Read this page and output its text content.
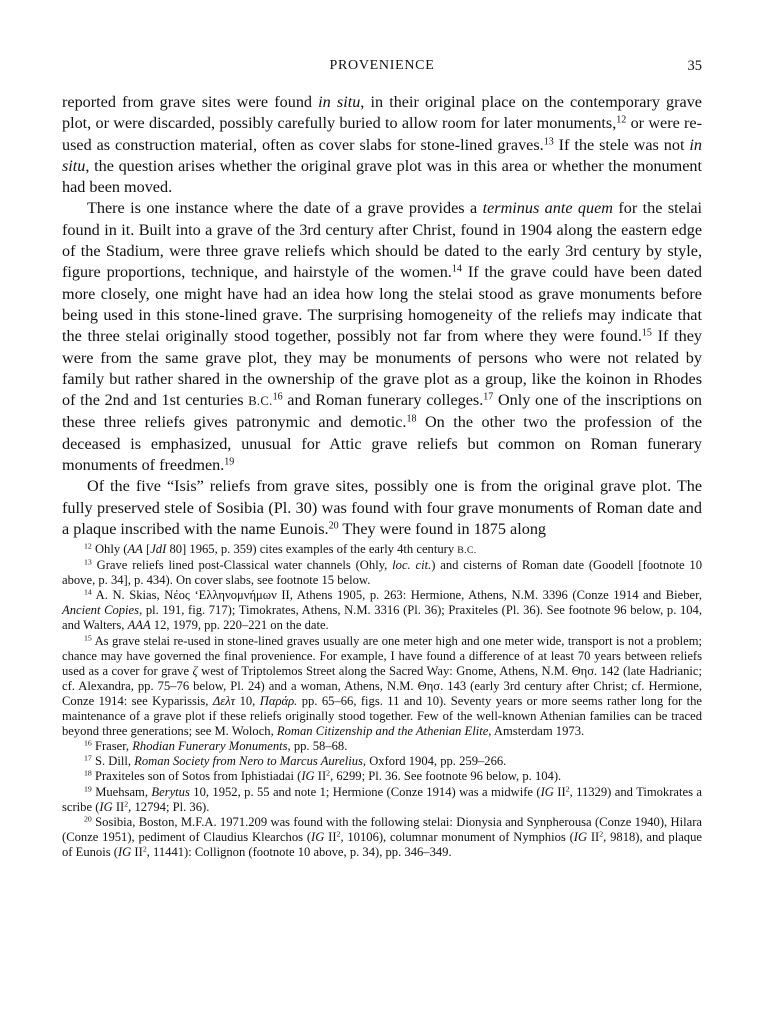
PROVENIENCE	35

reported from grave sites were found in situ, in their original place on the contemporary grave plot, or were discarded, possibly carefully buried to allow room for later monuments,$^{12}$ or were re-used as construction material, often as cover slabs for stone-lined graves.$^{13}$ If the stele was not in situ, the question arises whether the original grave plot was in this area or whether the monument had been moved.

There is one instance where the date of a grave provides a terminus ante quem for the stelai found in it. Built into a grave of the 3rd century after Christ, found in 1904 along the eastern edge of the Stadium, were three grave reliefs which should be dated to the early 3rd century by style, figure proportions, technique, and hairstyle of the women.$^{14}$ If the grave could have been dated more closely, one might have had an idea how long the stelai stood as grave monuments before being used in this stone-lined grave. The surprising homogeneity of the reliefs may indicate that the three stelai originally stood together, possibly not far from where they were found.$^{15}$ If they were from the same grave plot, they may be monuments of persons who were not related by family but rather shared in the ownership of the grave plot as a group, like the koinon in Rhodes of the 2nd and 1st centuries B.C.$^{16}$ and Roman funerary colleges.$^{17}$ Only one of the inscriptions on these three reliefs gives patronymic and demotic.$^{18}$ On the other two the profession of the deceased is emphasized, unusual for Attic grave reliefs but common on Roman funerary monuments of freedmen.$^{19}$

Of the five “Isis” reliefs from grave sites, possibly one is from the original grave plot. The fully preserved stele of Sosibia (Pl. 30) was found with four grave monuments of Roman date and a plaque inscribed with the name Eunois.$^{20}$ They were found in 1875 along

$^{12}$ Ohly (AA [JdI 80] 1965, p. 359) cites examples of the early 4th century B.C.

$^{13}$ Grave reliefs lined post-Classical water channels (Ohly, loc. cit.) and cisterns of Roman date (Goodell [footnote 10 above, p. 34], p. 434). On cover slabs, see footnote 15 below.

$^{14}$ A. N. Skias, Νέος ‘Ελληνομνήμων II, Athens 1905, p. 263: Hermione, Athens, N.M. 3396 (Conze 1914 and Bieber, Ancient Copies, pl. 191, fig. 717); Timokrates, Athens, N.M. 3316 (Pl. 36); Praxiteles (Pl. 36). See footnote 96 below, p. 104, and Walters, AAA 12, 1979, pp. 220–221 on the date.

$^{15}$ As grave stelai re-used in stone-lined graves usually are one meter high and one meter wide, transport is not a problem; chance may have governed the final provenience. For example, I have found a difference of at least 70 years between reliefs used as a cover for grave ζ west of Triptolemos Street along the Sacred Way: Gnome, Athens, N.M. Θησ. 142 (late Hadrianic; cf. Alexandra, pp. 75–76 below, Pl. 24) and a woman, Athens, N.M. Θησ. 143 (early 3rd century after Christ; cf. Hermione, Conze 1914: see Kyparissis, Δελτ 10, Παράρ. pp. 65–66, figs. 11 and 10). Seventy years or more seems rather long for the maintenance of a grave plot if these reliefs originally stood together. Few of the well-known Athenian families can be traced beyond three generations; see M. Woloch, Roman Citizenship and the Athenian Elite, Amsterdam 1973.

$^{16}$ Fraser, Rhodian Funerary Monuments, pp. 58–68.

$^{17}$ S. Dill, Roman Society from Nero to Marcus Aurelius, Oxford 1904, pp. 259–266.

$^{18}$ Praxiteles son of Sotos from Iphistiadai (IG $II^2$, 6299; Pl. 36. See footnote 96 below, p. 104).

$^{19}$ Muehsam, Berytus 10, 1952, p. 55 and note 1; Hermione (Conze 1914) was a midwife (IG $II^2$, 11329) and Timokrates a scribe (IG $II^2$, 12794; Pl. 36).

$^{20}$ Sosibia, Boston, M.F.A. 1971.209 was found with the following stelai: Dionysia and Synpherousa (Conze 1940), Hilara (Conze 1951), pediment of Claudius Klearchos (IG $II^2$, 10106), columnar monument of Nymphios (IG $II^2$, 9818), and plaque of Eunois (IG $II^2$, 11441): Collignon (footnote 10 above, p. 34), pp. 346–349.
